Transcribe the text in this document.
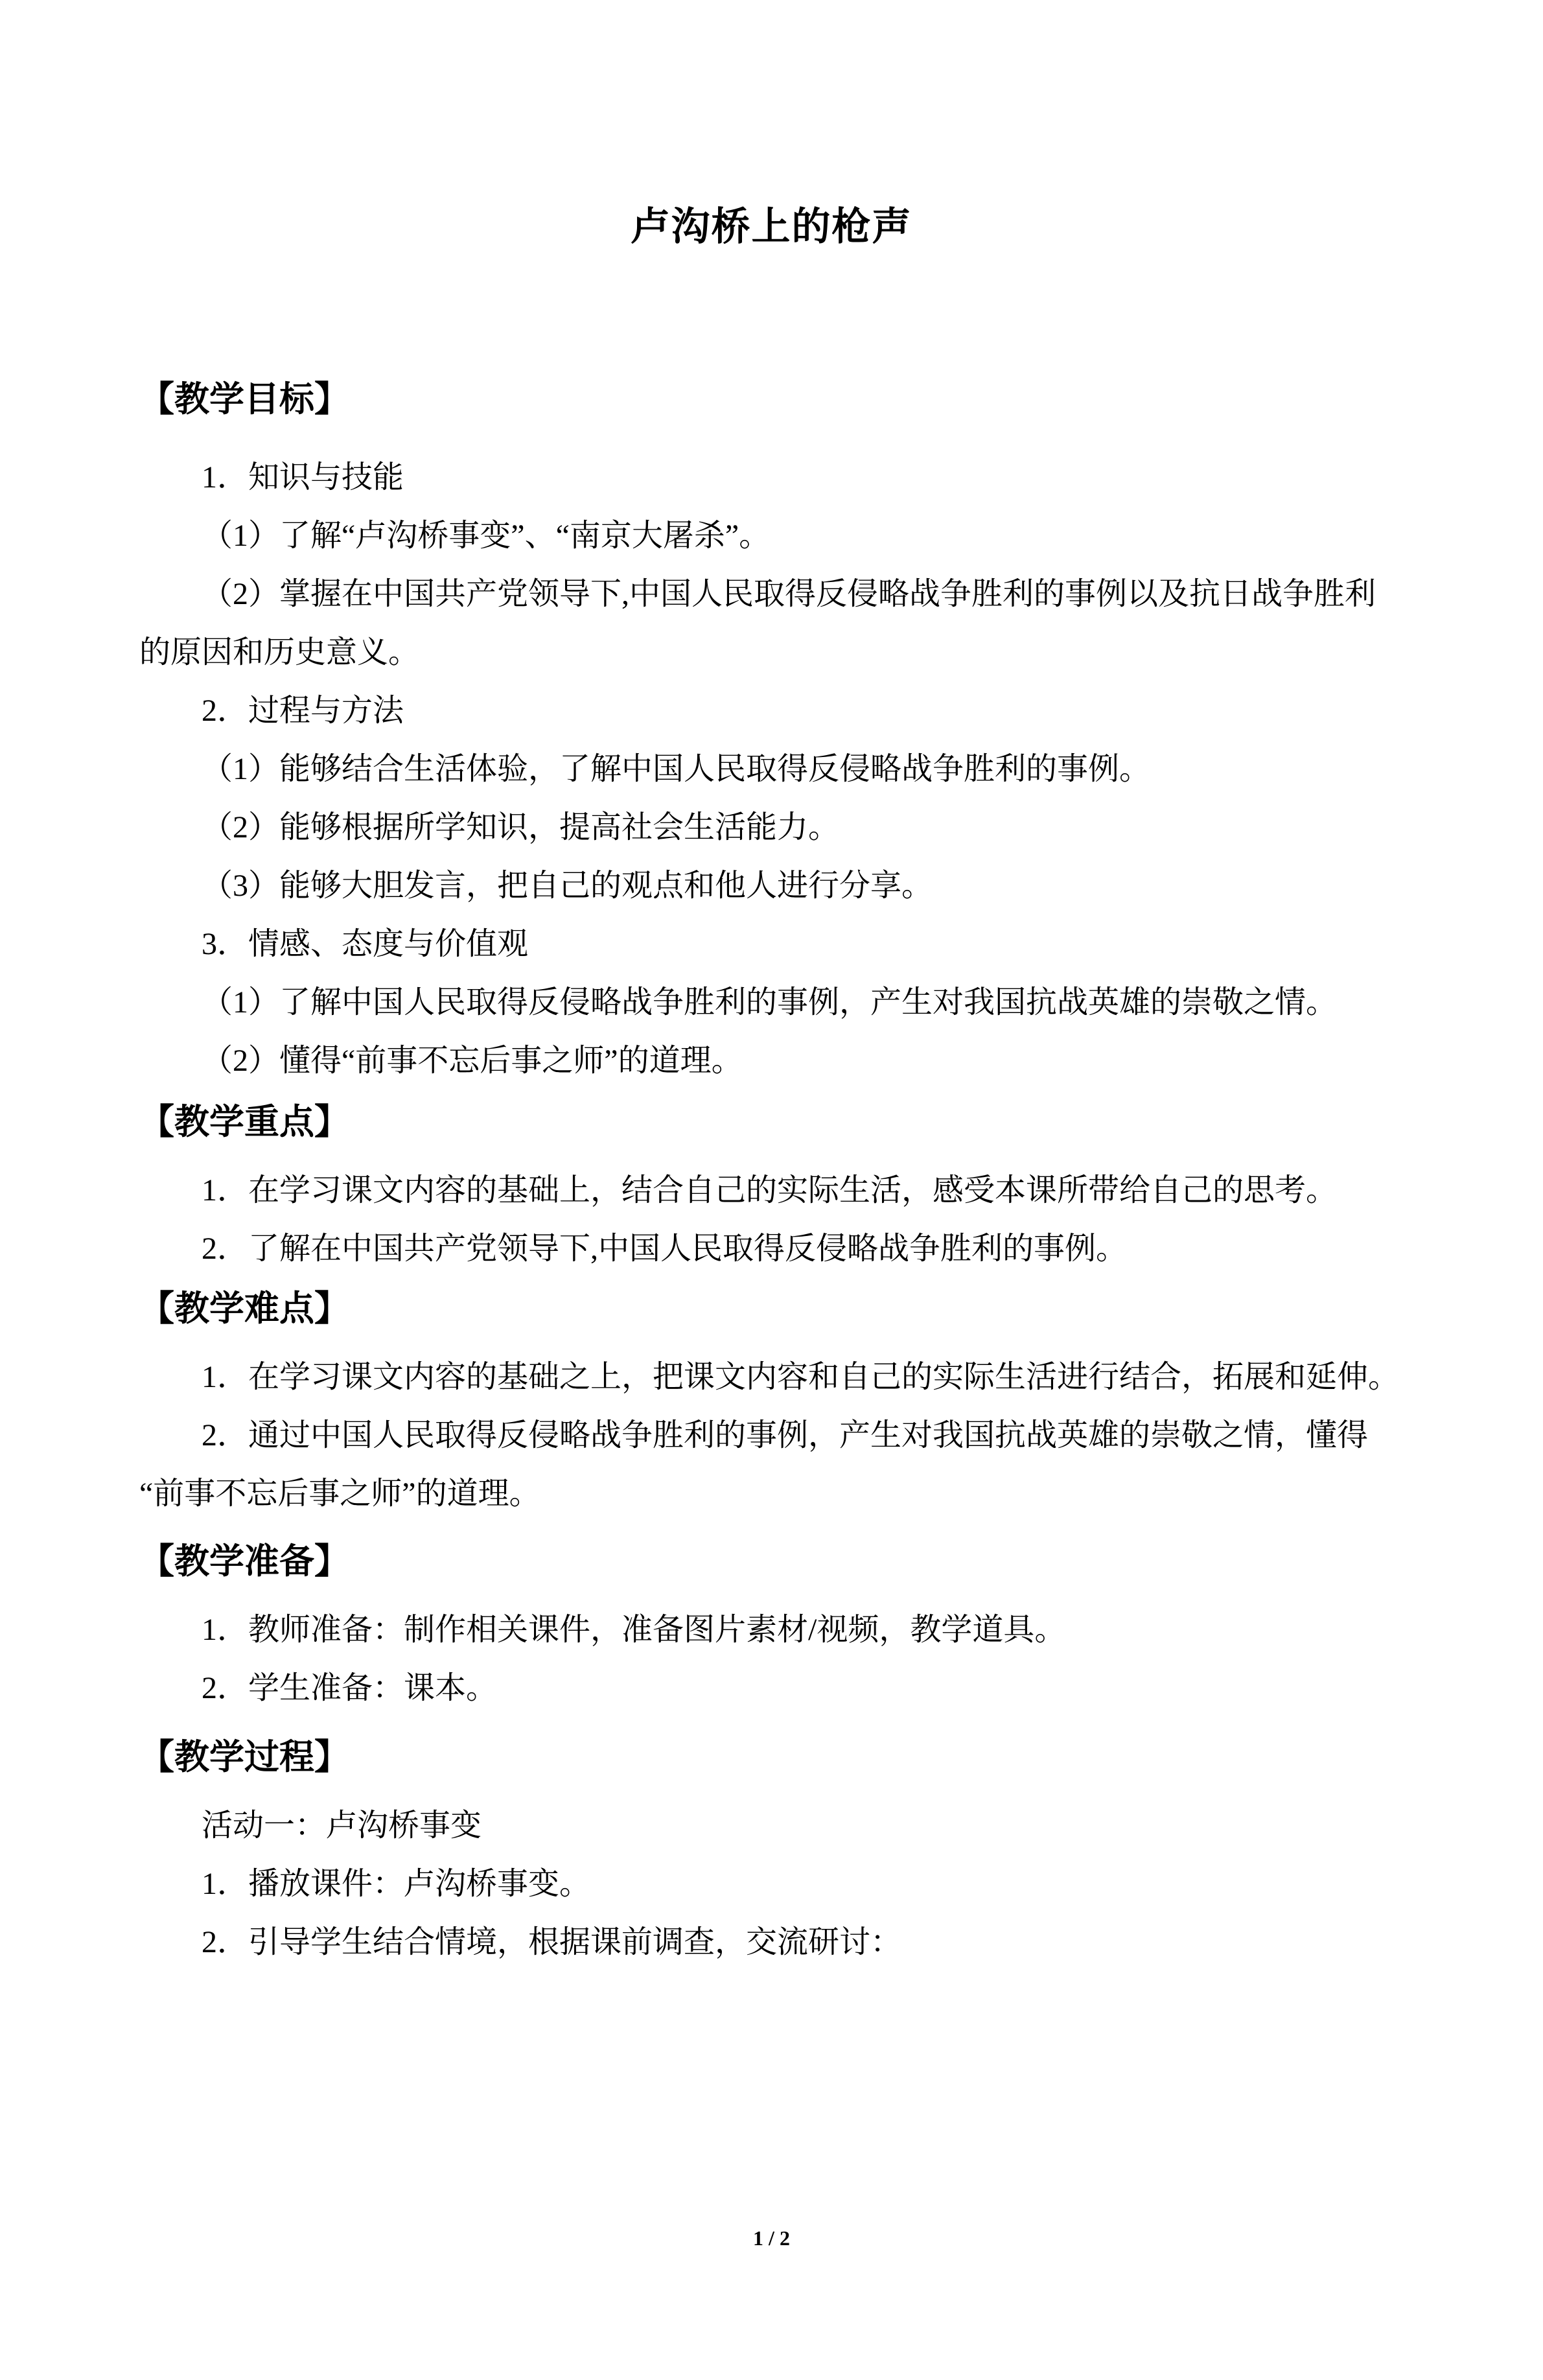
卢沟桥上的枪声
【教学目标】
1．知识与技能
（1）了解“卢沟桥事变”、“南京大屠杀”。
（2）掌握在中国共产党领导下,中国人民取得反侵略战争胜利的事例以及抗日战争胜利
的原因和历史意义。
2．过程与方法
（1）能够结合生活体验，了解中国人民取得反侵略战争胜利的事例。
（2）能够根据所学知识，提高社会生活能力。
（3）能够大胆发言，把自己的观点和他人进行分享。
3．情感、态度与价值观
（1）了解中国人民取得反侵略战争胜利的事例，产生对我国抗战英雄的崇敬之情。
（2）懂得“前事不忘后事之师”的道理。
【教学重点】
1．在学习课文内容的基础上，结合自己的实际生活，感受本课所带给自己的思考。
2．了解在中国共产党领导下,中国人民取得反侵略战争胜利的事例。
【教学难点】
1．在学习课文内容的基础之上，把课文内容和自己的实际生活进行结合，拓展和延伸。
2．通过中国人民取得反侵略战争胜利的事例，产生对我国抗战英雄的崇敬之情，懂得
“前事不忘后事之师”的道理。
【教学准备】
1．教师准备：制作相关课件，准备图片素材/视频，教学道具。
2．学生准备：课本。
【教学过程】
活动一：卢沟桥事变
1．播放课件：卢沟桥事变。
2．引导学生结合情境，根据课前调查，交流研讨：
1 / 2
